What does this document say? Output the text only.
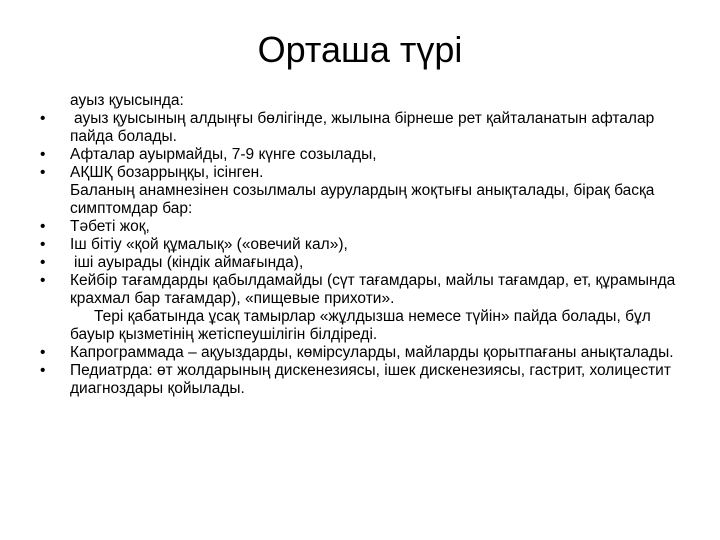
Орташа түрі
ауыз қуысында:
•	ауыз қуысының алдыңғы бөлігінде, жылына бірнеше рет қайталанатын афталар пайда болады.
•	Афталар ауырмайды, 7-9 күнге созылады,
•	АҚШҚ бозаррыңқы, ісінген.
Баланың анамнезінен созылмалы аурулардың жоқтығы анықталады, бірақ басқа симптомдар бар:
•	Тәбеті жоқ,
•	Іш бітіу «қой құмалық» («овечий кал»),
•	іші ауырады (кіндік аймағында),
•	Кейбір тағамдарды қабылдамайды (сүт тағамдары, майлы тағамдар, ет, құрамында крахмал бар тағамдар), «пищевые прихоти».
Тері қабатында ұсақ тамырлар «жұлдызша немесе түйін» пайда болады, бұл бауыр қызметінің жетіспеушілігін білдіреді.
•	Капрограммада – ақуыздарды, көмірсуларды, майларды қорытпағаны анықталады.
•	Педиатрда: өт жолдарының дискенезиясы, ішек дискенезиясы, гастрит, холицестит диагноздары қойылады.
